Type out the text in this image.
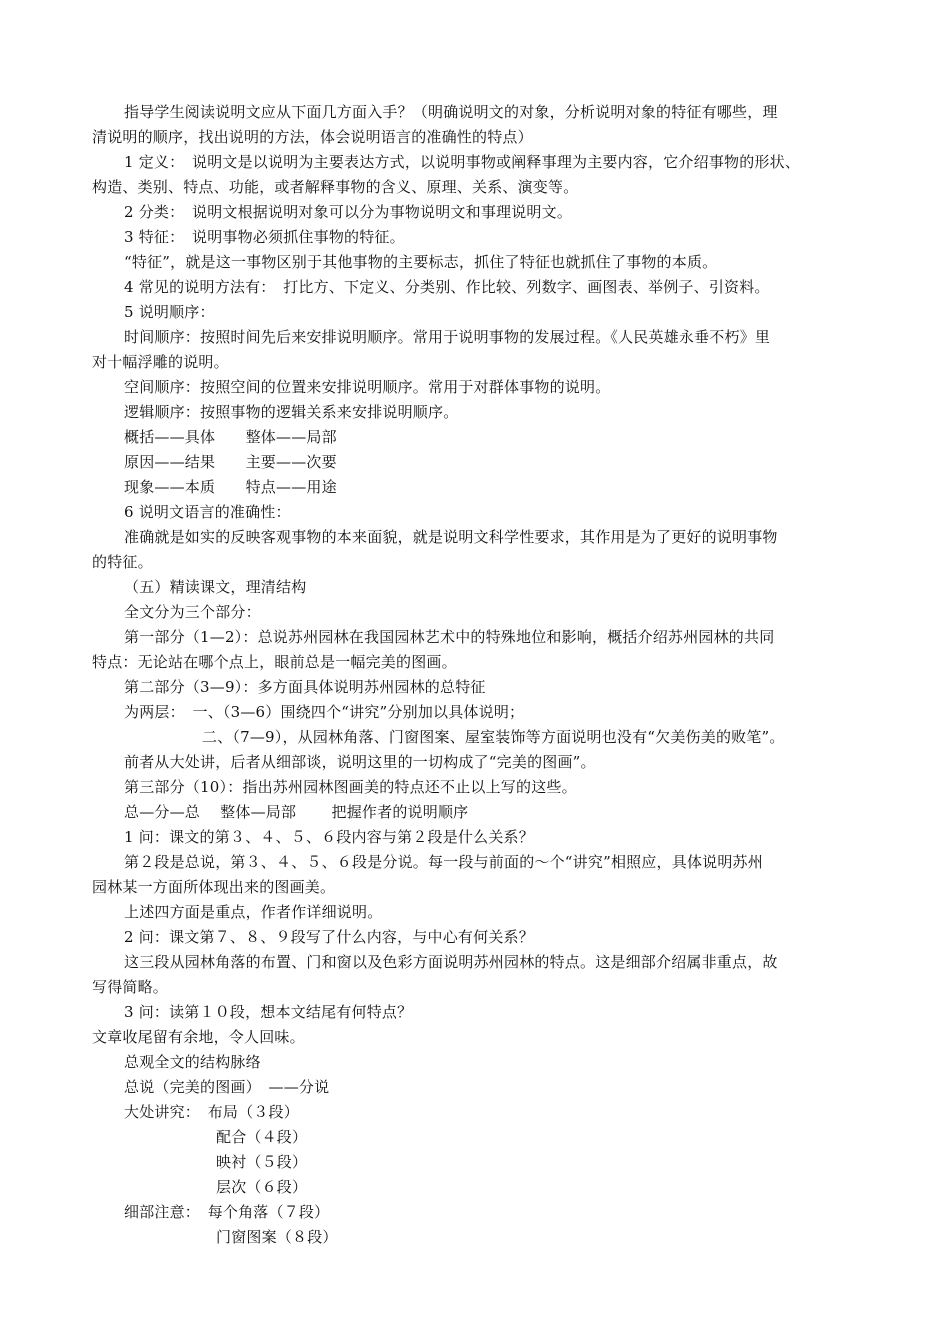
指导学生阅读说明文应从下面几方面入手？（明确说明文的对象，分析说明对象的特征有哪些，理
清说明的顺序，找出说明的方法，体会说明语言的准确性的特点）
1 定义：　说明文是以说明为主要表达方式，以说明事物或阐释事理为主要内容，它介绍事物的形状、
构造、类别、特点、功能，或者解释事物的含义、原理、关系、演变等。
2 分类：　说明文根据说明对象可以分为事物说明文和事理说明文。
3 特征：　说明事物必须抓住事物的特征。
“特征”，就是这一事物区别于其他事物的主要标志，抓住了特征也就抓住了事物的本质。
4 常见的说明方法有：　打比方、下定义、分类别、作比较、列数字、画图表、举例子、引资料。
5 说明顺序：
时间顺序：按照时间先后来安排说明顺序。常用于说明事物的发展过程。《人民英雄永垂不朽》里
对十幅浮雕的说明。
空间顺序：按照空间的位置来安排说明顺序。常用于对群体事物的说明。
逻辑顺序：按照事物的逻辑关系来安排说明顺序。
概括——具体　　整体——局部
原因——结果　　主要——次要
现象——本质　　特点——用途
6 说明文语言的准确性：
准确就是如实的反映客观事物的本来面貌，就是说明文科学性要求，其作用是为了更好的说明事物
的特征。
（五）精读课文，理清结构
全文分为三个部分：
第一部分（1—2）：总说苏州园林在我国园林艺术中的特殊地位和影响，概括介绍苏州园林的共同
特点：无论站在哪个点上，眼前总是一幅完美的图画。
第二部分（3—9）：多方面具体说明苏州园林的总特征
为两层：　一、（3—6）围绕四个“讲究”分别加以具体说明；
二、（7—9），从园林角落、门窗图案、屋室装饰等方面说明也没有“欠美伤美的败笔”。
前者从大处讲，后者从细部谈，说明这里的一切构成了“完美的图画”。
第三部分（10）：指出苏州园林图画美的特点还不止以上写的这些。
总—分—总　 整体—局部　　 把握作者的说明顺序
1 问：课文的第３、４、５、６段内容与第２段是什么关系？
第２段是总说，第３、４、５、６段是分说。每一段与前面的～个“讲究”相照应，具体说明苏州
园林某一方面所体现出来的图画美。
上述四方面是重点，作者作详细说明。
2 问：课文第７、８、９段写了什么内容，与中心有何关系？
这三段从园林角落的布置、门和窗以及色彩方面说明苏州园林的特点。这是细部介绍属非重点，故
写得简略。
3 问：读第１０段，想本文结尾有何特点？
文章收尾留有余地，令人回味。
总观全文的结构脉络
总说（完美的图画）　——分说
大处讲究：　布局（３段）
配合（４段）
映衬（５段）
层次（６段）
细部注意：　每个角落（７段）
门窗图案（８段）
